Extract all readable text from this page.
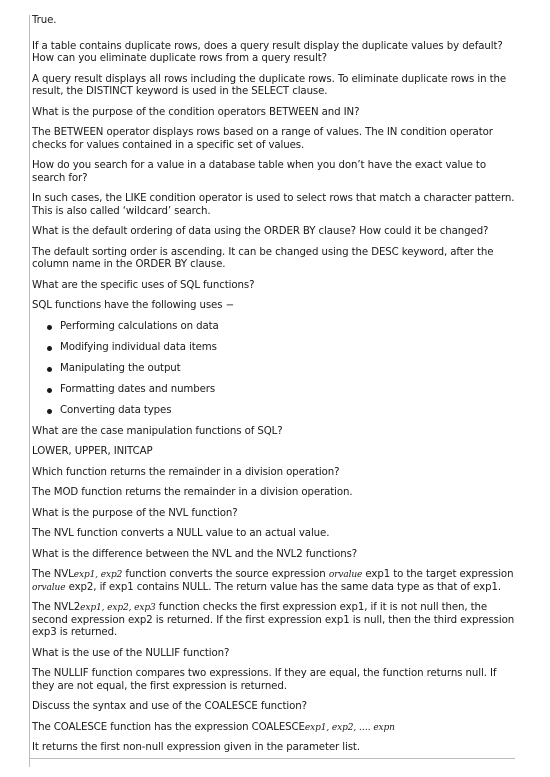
True.

If a table contains duplicate rows, does a query result display the duplicate values by default? How can you eliminate duplicate rows from a query result?

A query result displays all rows including the duplicate rows. To eliminate duplicate rows in the result, the DISTINCT keyword is used in the SELECT clause.

What is the purpose of the condition operators BETWEEN and IN?

The BETWEEN operator displays rows based on a range of values. The IN condition operator checks for values contained in a specific set of values.

How do you search for a value in a database table when you don’t have the exact value to search for?

In such cases, the LIKE condition operator is used to select rows that match a character pattern. This is also called ‘wildcard’ search.

What is the default ordering of data using the ORDER BY clause? How could it be changed?

The default sorting order is ascending. It can be changed using the DESC keyword, after the column name in the ORDER BY clause.

What are the specific uses of SQL functions?

SQL functions have the following uses −

Performing calculations on data
Modifying individual data items
Manipulating the output
Formatting dates and numbers
Converting data types

What are the case manipulation functions of SQL?

LOWER, UPPER, INITCAP

Which function returns the remainder in a division operation?

The MOD function returns the remainder in a division operation.

What is the purpose of the NVL function?

The NVL function converts a NULL value to an actual value.

What is the difference between the NVL and the NVL2 functions?

The NVLexp1, exp2 function converts the source expression orvalue exp1 to the target expression orvalue exp2, if exp1 contains NULL. The return value has the same data type as that of exp1.

The NVL2exp1, exp2, exp3 function checks the first expression exp1, if it is not null then, the second expression exp2 is returned. If the first expression exp1 is null, then the third expression exp3 is returned.

What is the use of the NULLIF function?

The NULLIF function compares two expressions. If they are equal, the function returns null. If they are not equal, the first expression is returned.

Discuss the syntax and use of the COALESCE function?

The COALESCE function has the expression COALESCEexp1, exp2, …. expn

It returns the first non-null expression given in the parameter list.
